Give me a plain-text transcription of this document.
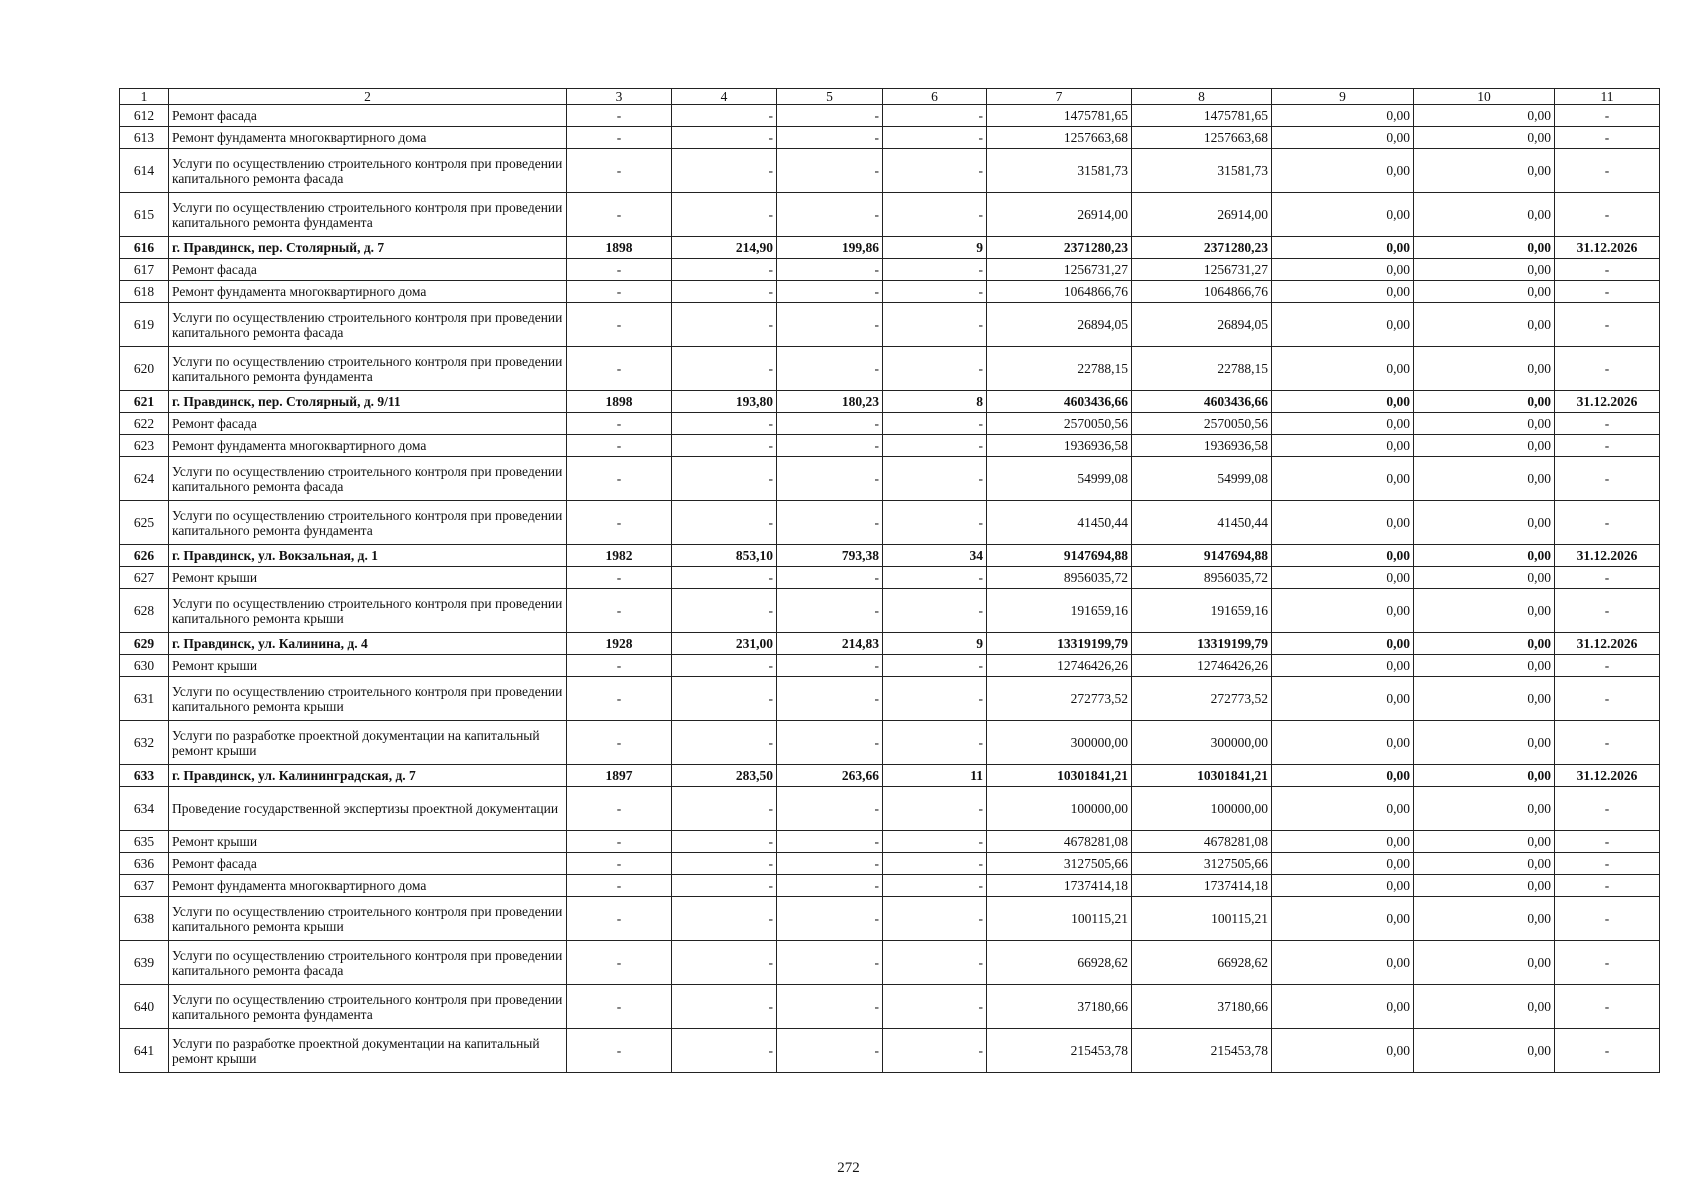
1	2	3	4	5	6	7	8	9	10	11
612	Ремонт фасада	-	-	-	-	1475781,65	1475781,65	0,00	0,00	-
613	Ремонт фундамента многоквартирного дома	-	-	-	-	1257663,68	1257663,68	0,00	0,00	-
614	Услуги по осуществлению строительного контроля при проведении капитального ремонта фасада	-	-	-	-	31581,73	31581,73	0,00	0,00	-
615	Услуги по осуществлению строительного контроля при проведении капитального ремонта фундамента	-	-	-	-	26914,00	26914,00	0,00	0,00	-
616	г. Правдинск, пер. Столярный, д. 7	1898	214,90	199,86	9	2371280,23	2371280,23	0,00	0,00	31.12.2026
617	Ремонт фасада	-	-	-	-	1256731,27	1256731,27	0,00	0,00	-
618	Ремонт фундамента многоквартирного дома	-	-	-	-	1064866,76	1064866,76	0,00	0,00	-
619	Услуги по осуществлению строительного контроля при проведении капитального ремонта фасада	-	-	-	-	26894,05	26894,05	0,00	0,00	-
620	Услуги по осуществлению строительного контроля при проведении капитального ремонта фундамента	-	-	-	-	22788,15	22788,15	0,00	0,00	-
621	г. Правдинск, пер. Столярный, д. 9/11	1898	193,80	180,23	8	4603436,66	4603436,66	0,00	0,00	31.12.2026
622	Ремонт фасада	-	-	-	-	2570050,56	2570050,56	0,00	0,00	-
623	Ремонт фундамента многоквартирного дома	-	-	-	-	1936936,58	1936936,58	0,00	0,00	-
624	Услуги по осуществлению строительного контроля при проведении капитального ремонта фасада	-	-	-	-	54999,08	54999,08	0,00	0,00	-
625	Услуги по осуществлению строительного контроля при проведении капитального ремонта фундамента	-	-	-	-	41450,44	41450,44	0,00	0,00	-
626	г. Правдинск, ул. Вокзальная, д. 1	1982	853,10	793,38	34	9147694,88	9147694,88	0,00	0,00	31.12.2026
627	Ремонт крыши	-	-	-	-	8956035,72	8956035,72	0,00	0,00	-
628	Услуги по осуществлению строительного контроля при проведении капитального ремонта крыши	-	-	-	-	191659,16	191659,16	0,00	0,00	-
629	г. Правдинск, ул. Калинина, д. 4	1928	231,00	214,83	9	13319199,79	13319199,79	0,00	0,00	31.12.2026
630	Ремонт крыши	-	-	-	-	12746426,26	12746426,26	0,00	0,00	-
631	Услуги по осуществлению строительного контроля при проведении капитального ремонта крыши	-	-	-	-	272773,52	272773,52	0,00	0,00	-
632	Услуги по разработке проектной документации на капитальный ремонт крыши	-	-	-	-	300000,00	300000,00	0,00	0,00	-
633	г. Правдинск, ул. Калининградская, д. 7	1897	283,50	263,66	11	10301841,21	10301841,21	0,00	0,00	31.12.2026
634	Проведение государственной экспертизы проектной документации	-	-	-	-	100000,00	100000,00	0,00	0,00	-
635	Ремонт крыши	-	-	-	-	4678281,08	4678281,08	0,00	0,00	-
636	Ремонт фасада	-	-	-	-	3127505,66	3127505,66	0,00	0,00	-
637	Ремонт фундамента многоквартирного дома	-	-	-	-	1737414,18	1737414,18	0,00	0,00	-
638	Услуги по осуществлению строительного контроля при проведении капитального ремонта крыши	-	-	-	-	100115,21	100115,21	0,00	0,00	-
639	Услуги по осуществлению строительного контроля при проведении капитального ремонта фасада	-	-	-	-	66928,62	66928,62	0,00	0,00	-
640	Услуги по осуществлению строительного контроля при проведении капитального ремонта фундамента	-	-	-	-	37180,66	37180,66	0,00	0,00	-
641	Услуги по разработке проектной документации на капитальный ремонт крыши	-	-	-	-	215453,78	215453,78	0,00	0,00	-
272
